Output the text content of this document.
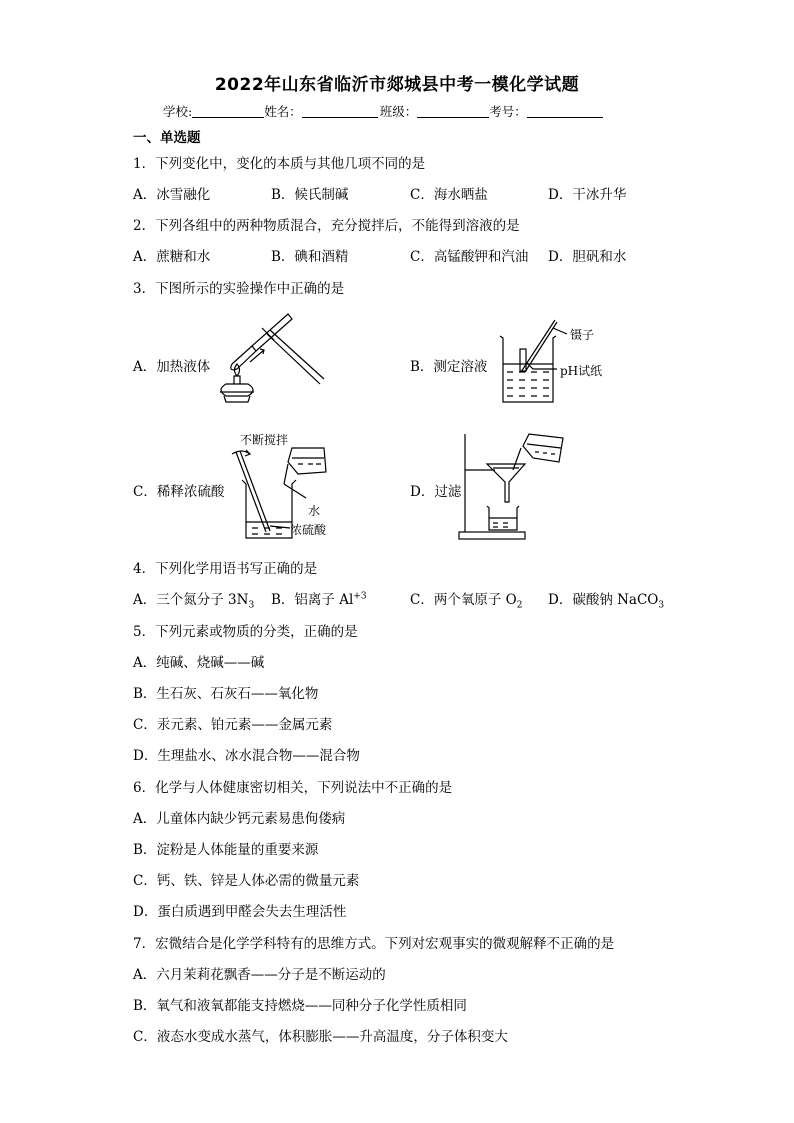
2022年山东省临沂市郯城县中考一模化学试题
学校:	姓名：	班级：	考号：
一、单选题
1．下列变化中，变化的本质与其他几项不同的是
A．冰雪融化	B．候氏制碱	C．海水晒盐	D．干冰升华
2．下列各组中的两种物质混合，充分搅拌后，不能得到溶液的是
A．蔗糖和水	B．碘和酒精	C．高锰酸钾和汽油 D．胆矾和水
3．下图所示的实验操作中正确的是
A．加热液体	B．测定溶液
镊子
pH试纸
C．稀释浓硫酸
不断搅拌
水
浓硫酸
D．过滤
4．下列化学用语书写正确的是
A．三个氮分子 $3N_3$ B．铝离子 $Al^{+3}$	C．两个氧原子 $O_2$ D．碳酸钠 NaCO$_3$
5．下列元素或物质的分类，正确的是
A．纯碱、烧碱——碱
B．生石灰、石灰石——氧化物
C．汞元素、铂元素——金属元素
D．生理盐水、冰水混合物——混合物
6．化学与人体健康密切相关，下列说法中不正确的是
A．儿童体内缺少钙元素易患佝偻病
B．淀粉是人体能量的重要来源
C．钙、铁、锌是人体必需的微量元素
D．蛋白质遇到甲醛会失去生理活性
7．宏微结合是化学学科特有的思维方式。下列对宏观事实的微观解释不正确的是
A．六月茉莉花飘香——分子是不断运动的
B．氧气和液氧都能支持燃烧——同种分子化学性质相同
C．液态水变成水蒸气，体积膨胀——升高温度，分子体积变大
